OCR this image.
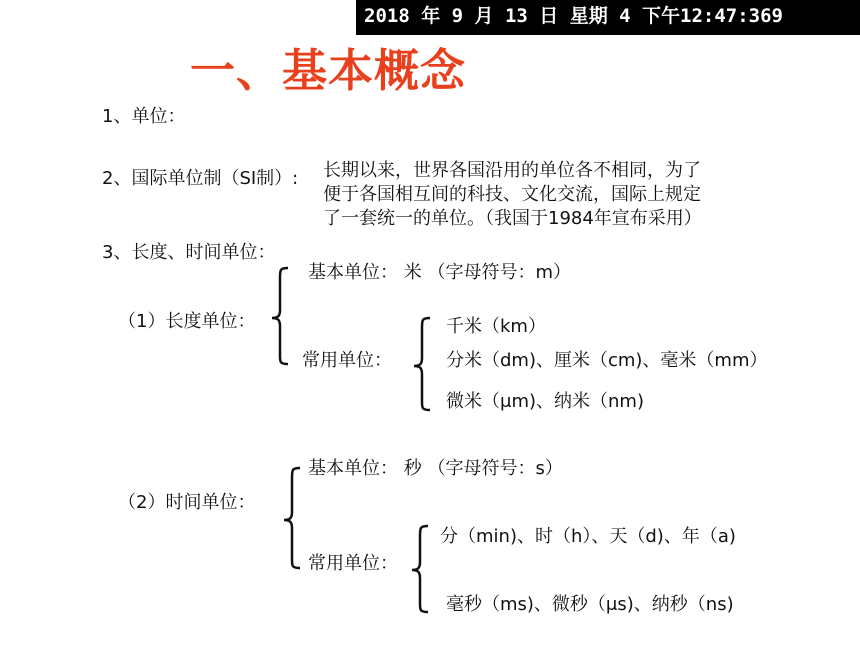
2018 年 9 月 13 日 星期 4 下午12:47:369
一、基本概念
1、单位：
2、国际单位制（SI制）: 长期以来，世界各国沿用的单位各不相同，为了
便于各国相互间的科技、文化交流，国际上规定
了一套统一的单位。（我国于1984年宣布采用）
3、长度、时间单位：
（1）长度单位：
基本单位： 米 （字母符号：m）
常用单位：
千米（km）
分米（dm)、厘米（cm)、毫米（mm）
微米（μm)、纳米（nm)
（2）时间单位：
基本单位： 秒 （字母符号：s）
常用单位：
分（min)、时（h）、天（d)、年（a)
毫秒（ms)、微秒（μs)、纳秒（ns)
